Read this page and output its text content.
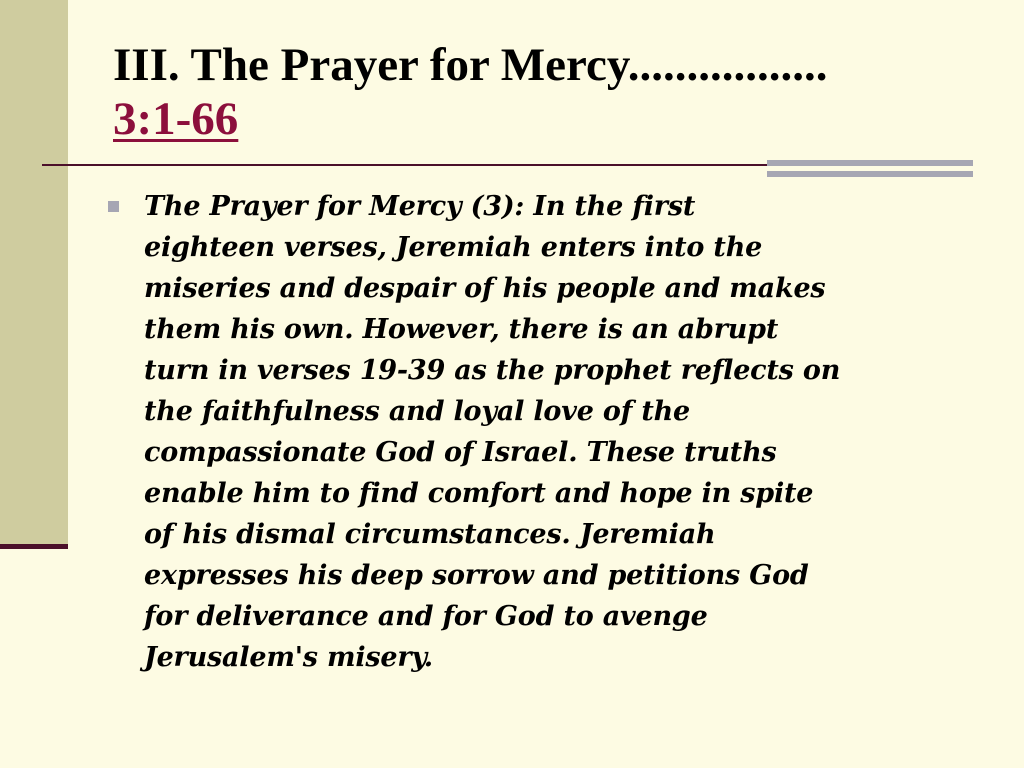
III. The Prayer for Mercy.................
3:1-66
The Prayer for Mercy (3): In the first
eighteen verses, Jeremiah enters into the
miseries and despair of his people and makes
them his own. However, there is an abrupt
turn in verses 19-39 as the prophet reflects on
the faithfulness and loyal love of the
compassionate God of Israel. These truths
enable him to find comfort and hope in spite
of his dismal circumstances. Jeremiah
expresses his deep sorrow and petitions God
for deliverance and for God to avenge
Jerusalem's misery.
